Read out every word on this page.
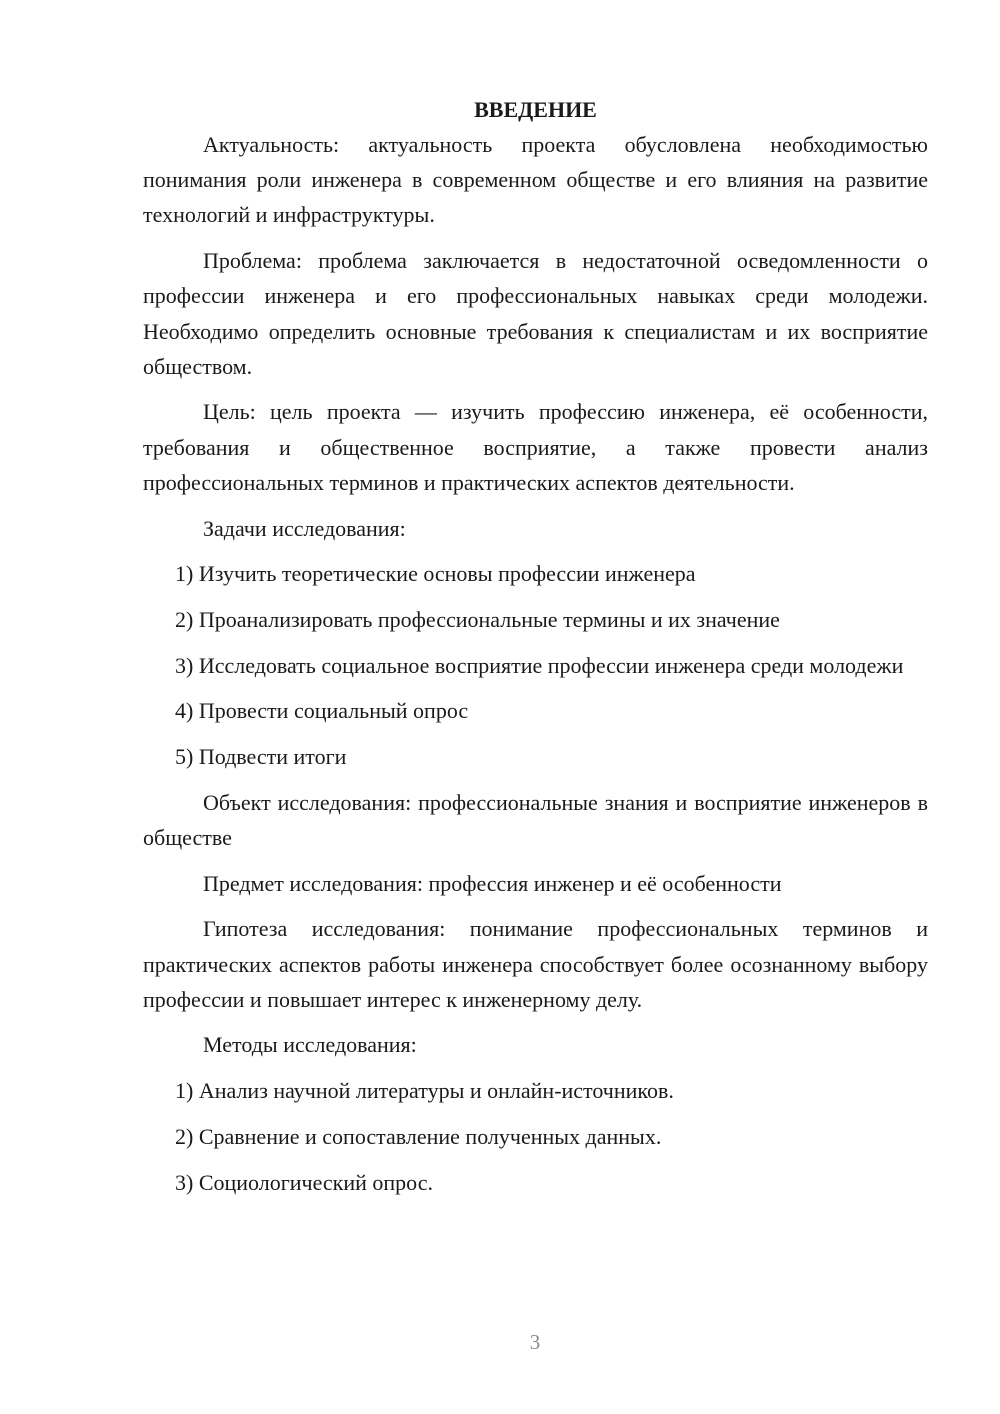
ВВЕДЕНИЕ

Актуальность: актуальность проекта обусловлена необходимостью понимания роли инженера в современном обществе и его влияния на развитие технологий и инфраструктуры.

Проблема: проблема заключается в недостаточной осведомленности о профессии инженера и его профессиональных навыках среди молодежи. Необходимо определить основные требования к специалистам и их восприятие обществом.

Цель: цель проекта — изучить профессию инженера, её особенности, требования и общественное восприятие, а также провести анализ профессиональных терминов и практических аспектов деятельности.

Задачи исследования:

1) Изучить теоретические основы профессии инженера

2) Проанализировать профессиональные термины и их значение

3) Исследовать социальное восприятие профессии инженера среди молодежи

4) Провести социальный опрос

5) Подвести итоги

Объект исследования: профессиональные знания и восприятие инженеров в обществе

Предмет исследования: профессия инженер и её особенности

Гипотеза исследования: понимание профессиональных терминов и практических аспектов работы инженера способствует более осознанному выбору профессии и повышает интерес к инженерному делу.

Методы исследования:

1) Анализ научной литературы и онлайн-источников.

2) Сравнение и сопоставление полученных данных.

3) Социологический опрос.

3
